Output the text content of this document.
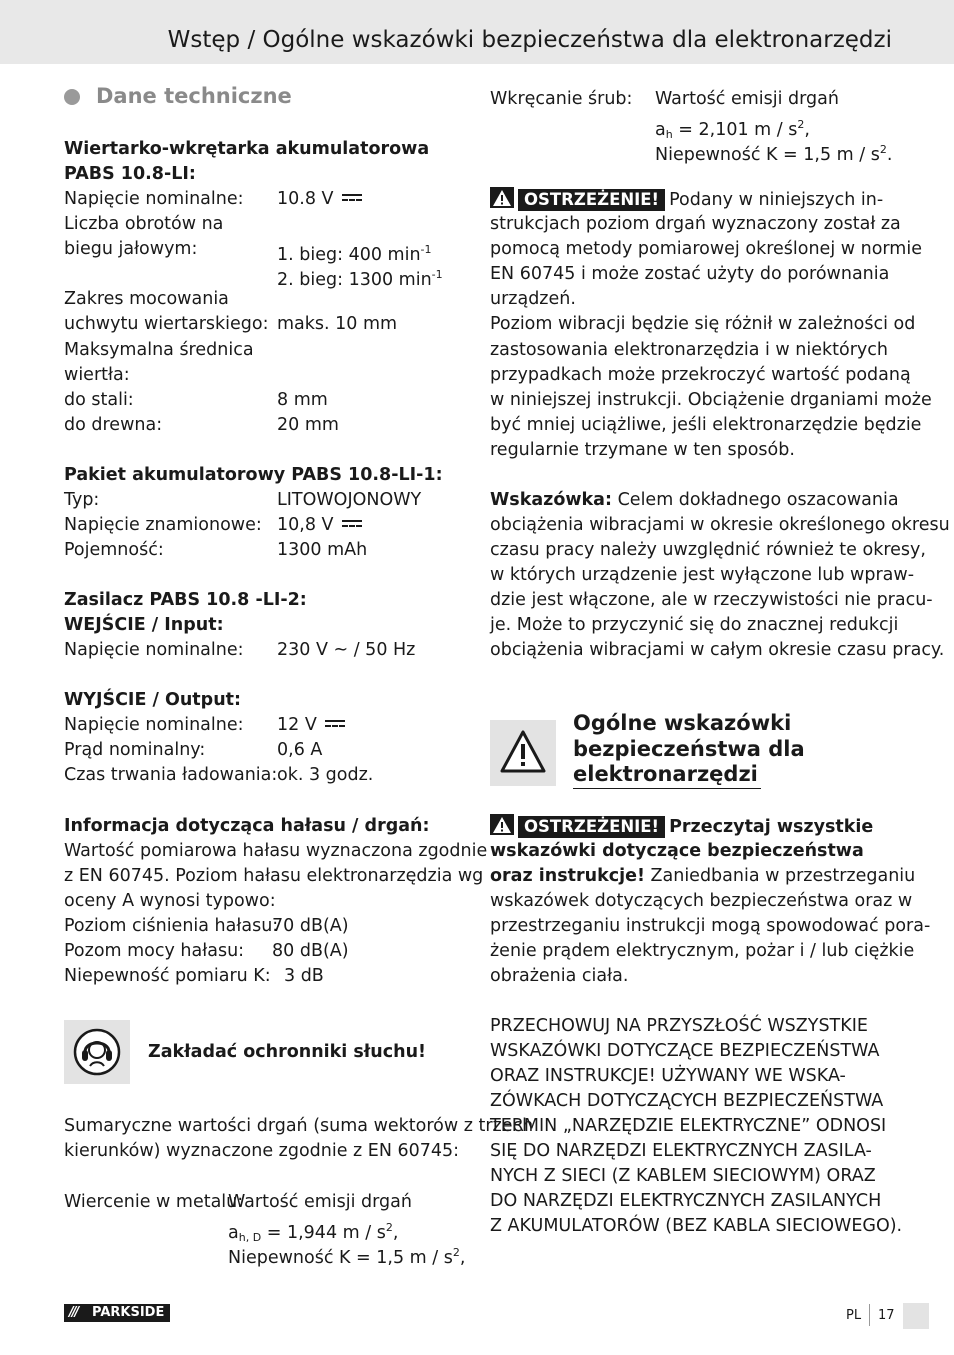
Wstęp / Ogólne wskazówki bezpieczeństwa dla elektronarzędzi
Dane techniczne
Wiertarko-wkrętarka akumulatorowa
PABS 10.8-LI:
Napięcie nominalne: 10.8 V
Liczba obrotów na
biegu jałowym:	1. bieg: 400 $\min^{-1}$
2. bieg: 1300 $\min^{-1}$
Zakres mocowania
uchwytu wiertarskiego: maks. 10 mm
Maksymalna średnica
wiertła:
do stali:	8 mm
do drewna:	20 mm
Pakiet akumulatorowy PABS 10.8-LI-1:
Typ:	LITOWOJONOWY
Napięcie znamionowe: 10,8 V
Pojemność:	1300 mAh
Zasilacz PABS 10.8 -LI-2:
WEJŚCIE / Input:
Napięcie nominalne: 230 V ~ / 50 Hz
WYJŚCIE / Output:
Napięcie nominalne: 12 V
Prąd nominalny:	0,6 A
Czas trwania ładowania: ok. 3 godz.
Informacja dotycząca hałasu / drgań:
Wartość pomiarowa hałasu wyznaczona zgodnie
z EN 60745. Poziom hałasu elektronarzędzia wg
oceny A wynosi typowo:
Poziom ciśnienia hałasu:
70 dB(A)
Pozom mocy hałasu: 80 dB(A)
Niepewność pomiaru K: 3 dB
Zakładać ochronniki słuchu!
Sumaryczne wartości drgań (suma wektorów z trzech
kierunków) wyznaczone zgodnie z EN 60745:
Wiercenie w metalu:
Wartość emisji drgań
$a_{h, D} = 1,944$ m / $s^2$,
Niepewność K = 1,5 m / $s^2$,
Wkręcanie śrub: Wartość emisji drgań
$a_h = 2,101$ m / $s^2$,
Niepewność K = 1,5 m / $s^2$.
OSTRZEŻENIE! Podany w niniejszych in-
strukcjach poziom drgań wyznaczony został za
pomocą metody pomiarowej określonej w normie
EN 60745 i może zostać użyty do porównania
urządzeń.
Poziom wibracji będzie się różnił w zależności od
zastosowania elektronarzędzia i w niektórych
przypadkach może przekroczyć wartość podaną
w niniejszej instrukcji. Obciążenie drganiami może
być mniej uciążliwe, jeśli elektronarzędzie będzie
regularnie trzymane w ten sposób.
Wskazówka: Celem dokładnego oszacowania
obciążenia wibracjami w okresie określonego okresu
czasu pracy należy uwzględnić również te okresy,
w których urządzenie jest wyłączone lub wpraw-
dzie jest włączone, ale w rzeczywistości nie pracu-
je. Może to przyczynić się do znacznej redukcji
obciążenia wibracjami w całym okresie czasu pracy.
Ogólne wskazówki
bezpieczeństwa dla
elektronarzędzi
OSTRZEŻENIE! Przeczytaj wszystkie
wskazówki dotyczące bezpieczeństwa
oraz instrukcje! Zaniedbania w przestrzeganiu
wskazówek dotyczących bezpieczeństwa oraz w
przestrzeganiu instrukcji mogą spowodować pora-
żenie prądem elektrycznym, pożar i / lub ciężkie
obrażenia ciała.
PRZECHOWUJ NA PRZYSZŁOŚĆ WSZYSTKIE
WSKAZÓWKI DOTYCZĄCE BEZPIECZEŃSTWA
ORAZ INSTRUKCJE! UŻYWANY WE WSKA-
ZÓWKACH DOTYCZĄCYCH BEZPIECZEŃSTWA
TERMIN „NARZĘDZIE ELEKTRYCZNE” ODNOSI
SIĘ DO NARZĘDZI ELEKTRYCZNYCH ZASILA-
NYCH Z SIECI (Z KABLEM SIECIOWYM) ORAZ
DO NARZĘDZI ELEKTRYCZNYCH ZASILANYCH
Z AKUMULATORÓW (BEZ KABLA SIECIOWEGO).
/// PARKSIDE	PL 17
